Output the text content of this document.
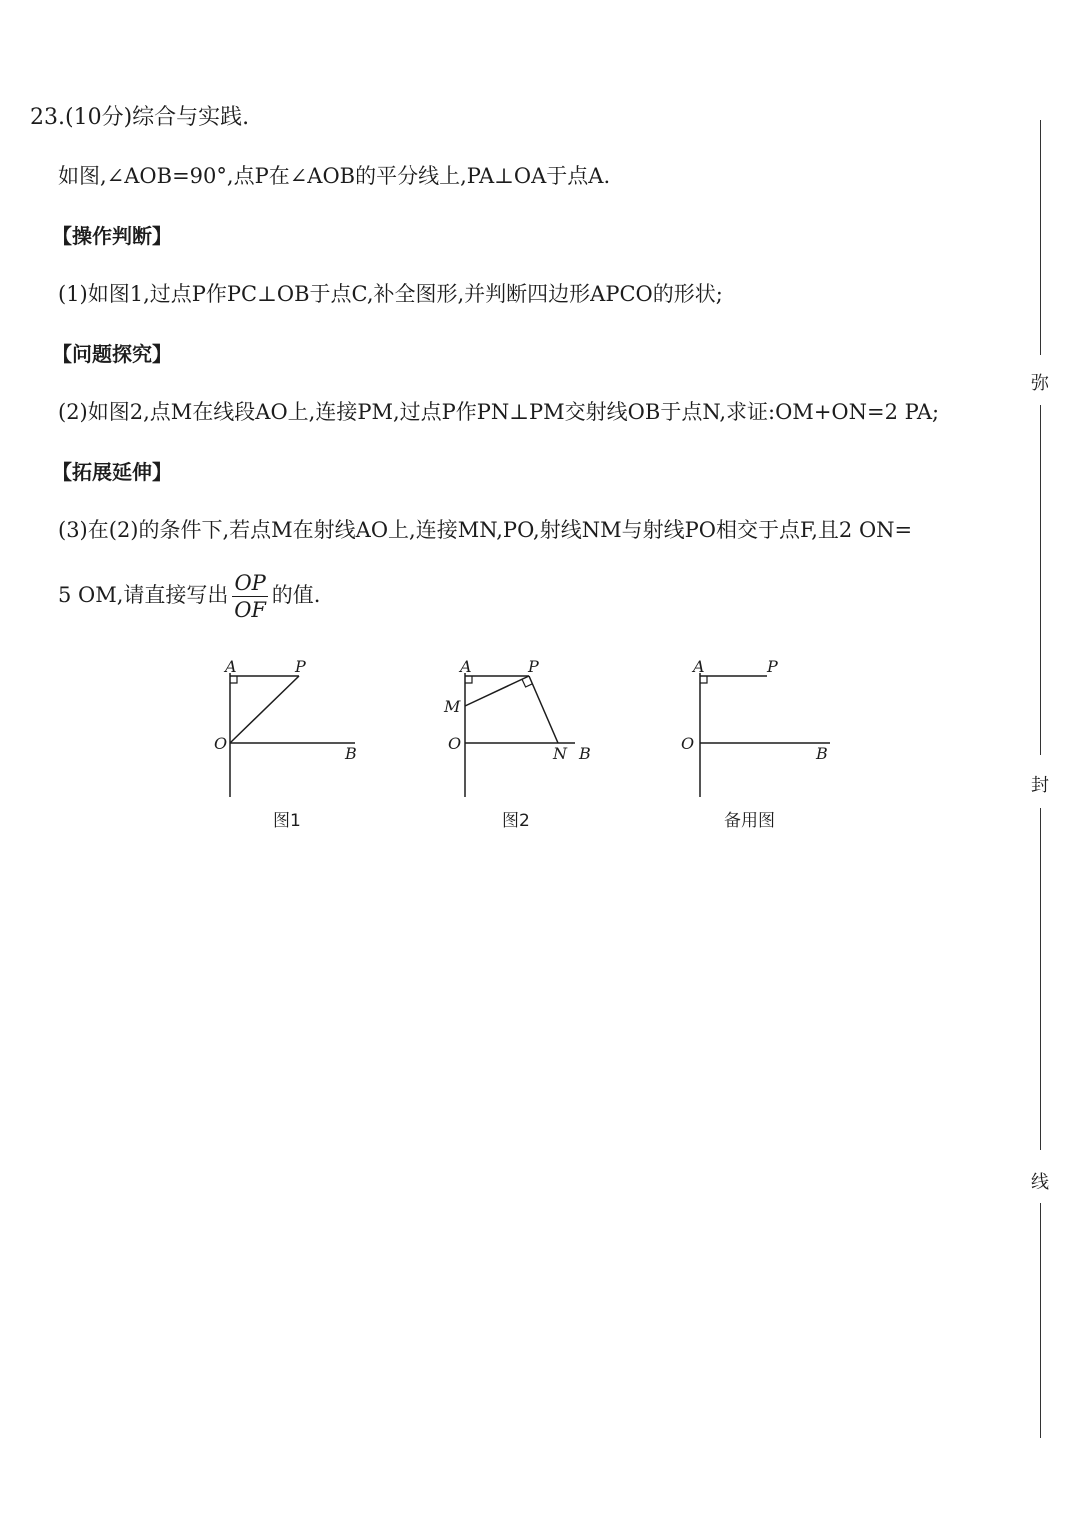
23.(10分)综合与实践.
如图,∠AOB=90°,点P在∠AOB的平分线上,PA⊥OA于点A.
【操作判断】
(1)如图1,过点P作PC⊥OB于点C,补全图形,并判断四边形APCO的形状;
【问题探究】
(2)如图2,点M在线段AO上,连接PM,过点P作PN⊥PM交射线OB于点N,求证:OM+ON=2 PA;
【拓展延伸】
(3)在(2)的条件下,若点M在射线AO上,连接MN,PO,射线NM与射线PO相交于点F,且2 ON=
5 OM,请直接写出 $\frac{OP}{OF}$ 的值.
A	P
O
B
图1
A	P
M
O
N B
图2
A	P
O
B
备用图
弥
封
线
